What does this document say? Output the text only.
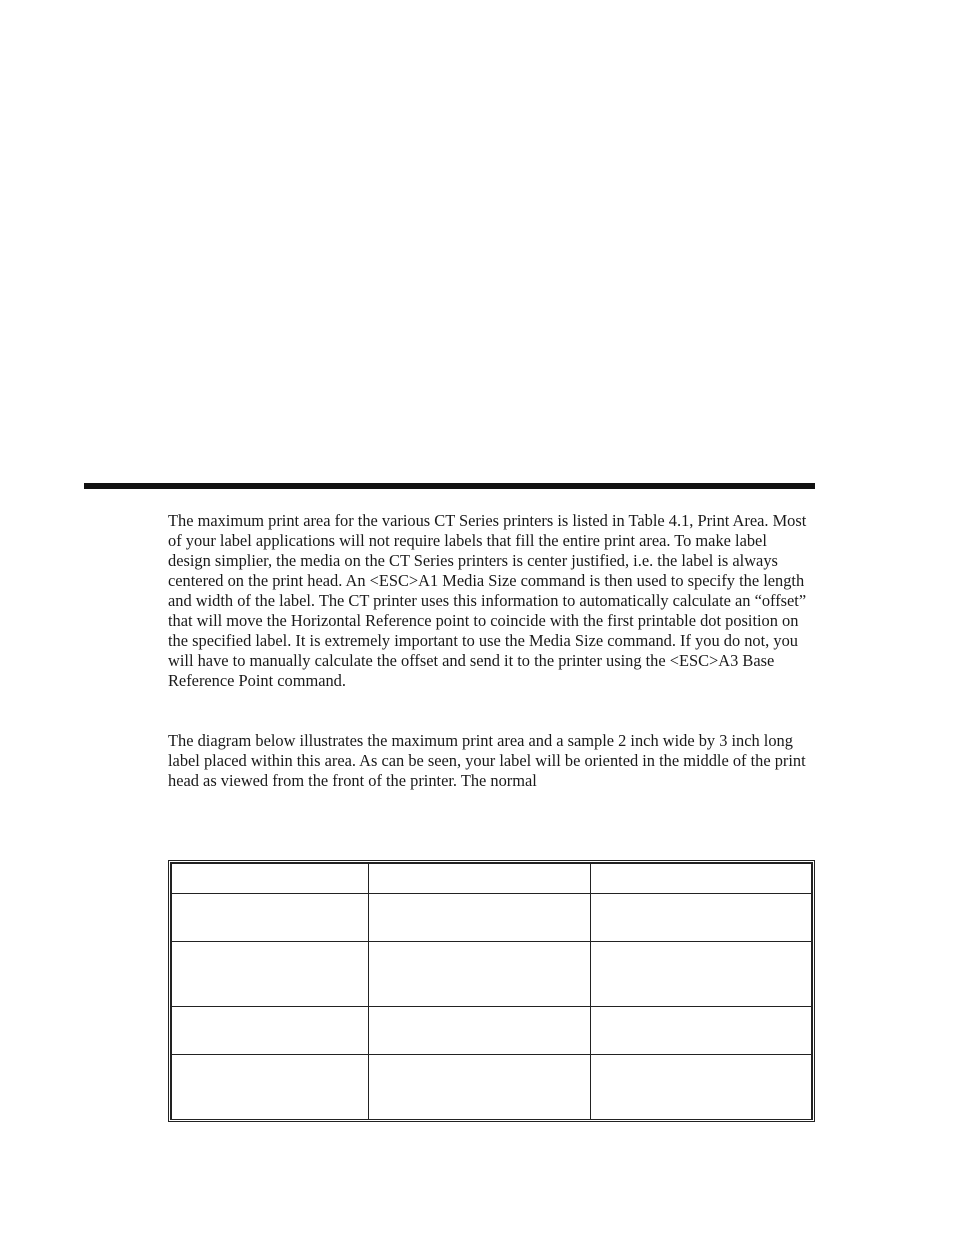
The maximum print area for the various CT Series printers is listed in Table 4.1, Print Area. Most of your label applications will not require labels that fill the entire print area. To make label design simplier, the media on the CT Series printers is center justified, i.e. the label is always centered on the print head. An <ESC>A1 Media Size command is then used to specify the length and width of the label. The CT printer uses this information to automatically calculate an “offset” that will move the Horizontal Reference point to coincide with the first printable dot position on the specified label. It is extremely important to use the Media Size command. If you do not, you will have to manually calculate the offset and send it to the printer using the <ESC>A3 Base Reference Point command.

The diagram below illustrates the maximum print area and a sample 2 inch wide by 3 inch long label placed within this area. As can be seen, your label will be oriented in the middle of the print head as viewed from the front of the printer. The normal
